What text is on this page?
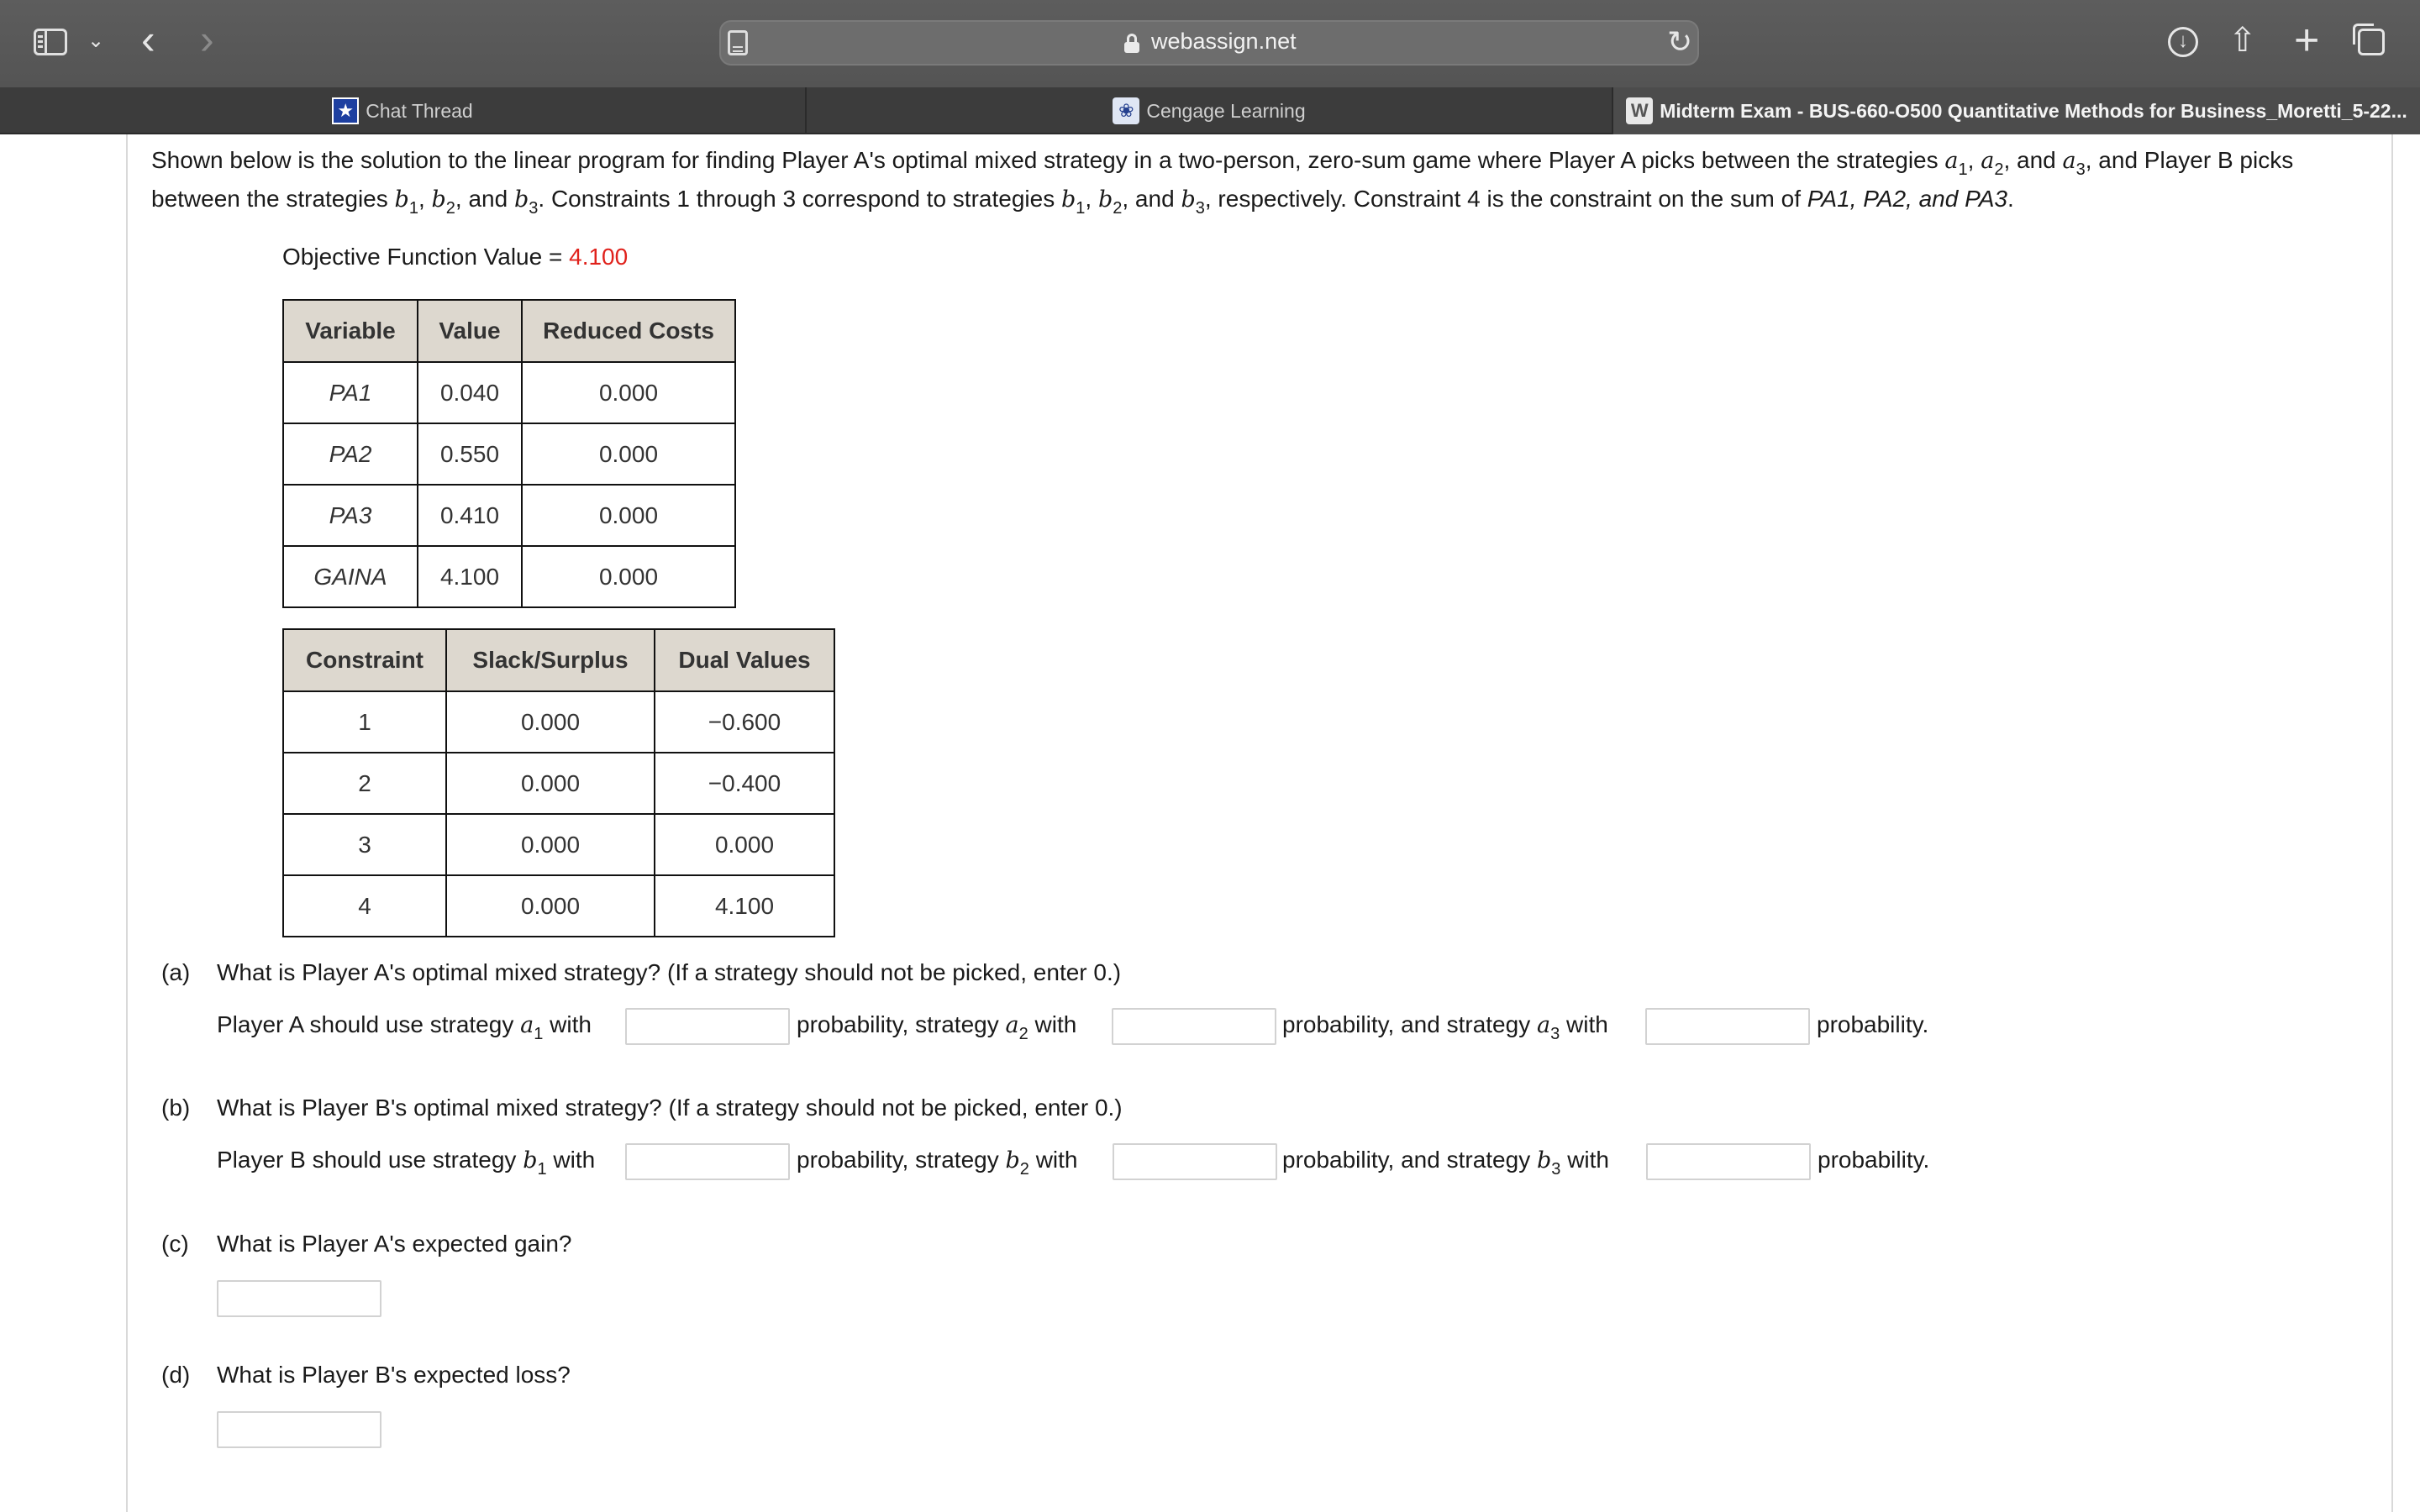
⌄ ‹ ›	webassign.net	↻	↓	⇧ +
★ Chat Thread	❀ Cengage Learning	W Midterm Exam - BUS-660-O500 Quantitative Methods for Business_Moretti_5-22...
Shown below is the solution to the linear program for finding Player A's optimal mixed strategy in a two-person, zero-sum game where Player A picks between the strategies $a_1$, $a_2$, and $a_3$, and Player B picks between the strategies $b_1$, $b_2$, and $b_3$. Constraints 1 through 3 correspond to strategies $b_1$, $b_2$, and $b_3$, respectively. Constraint 4 is the constraint on the sum of PA1, PA2, and PA3.
Objective Function Value = 4.100
Variable	Value	Reduced Costs
PA1	0.040	0.000
PA2	0.550	0.000
PA3	0.410	0.000
GAINA	4.100	0.000
Constraint	Slack/Surplus	Dual Values
1	0.000	−0.600
2	0.000	−0.400
3	0.000	0.000
4	0.000	4.100
(a) What is Player A's optimal mixed strategy? (If a strategy should not be picked, enter 0.)
Player A should use strategy $a_1$ with	probability, strategy $a_2$ with	probability, and strategy $a_3$ with	probability.
(b) What is Player B's optimal mixed strategy? (If a strategy should not be picked, enter 0.)
Player B should use strategy $b_1$ with	probability, strategy $b_2$ with	probability, and strategy $b_3$ with	probability.
(c) What is Player A's expected gain?
(d) What is Player B's expected loss?
